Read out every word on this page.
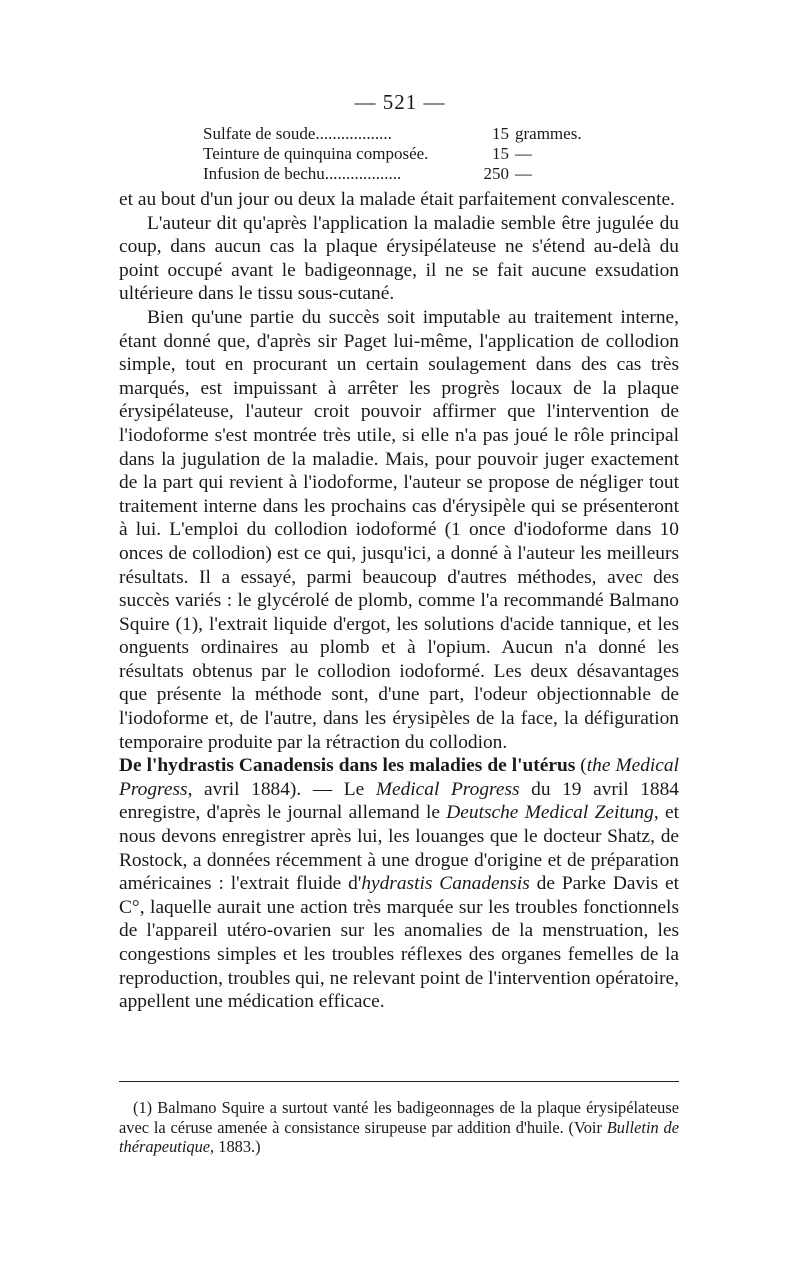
— 521 —
Sulfate de soude..................	15 grammes.
Teinture de quinquina composée.	15 —
Infusion de bechu..................	250 —

et au bout d'un jour ou deux la malade était parfaitement convalescente.

L'auteur dit qu'après l'application la maladie semble être jugulée du coup, dans aucun cas la plaque érysipélateuse ne s'étend au-delà du point occupé avant le badigeonnage, il ne se fait aucune exsudation ultérieure dans le tissu sous-cutané.

Bien qu'une partie du succès soit imputable au traitement interne, étant donné que, d'après sir Paget lui-même, l'application de collodion simple, tout en procurant un certain soulagement dans des cas très marqués, est impuissant à arrêter les progrès locaux de la plaque érysipélateuse, l'auteur croit pouvoir affirmer que l'intervention de l'iodoforme s'est montrée très utile, si elle n'a pas joué le rôle principal dans la jugulation de la maladie. Mais, pour pouvoir juger exactement de la part qui revient à l'iodoforme, l'auteur se propose de négliger tout traitement interne dans les prochains cas d'érysipèle qui se présenteront à lui. L'emploi du collodion iodoformé (1 once d'iodoforme dans 10 onces de collodion) est ce qui, jusqu'ici, a donné à l'auteur les meilleurs résultats. Il a essayé, parmi beaucoup d'autres méthodes, avec des succès variés : le glycérolé de plomb, comme l'a recommandé Balmano Squire (1), l'extrait liquide d'ergot, les solutions d'acide tannique, et les onguents ordinaires au plomb et à l'opium. Aucun n'a donné les résultats obtenus par le collodion iodoformé. Les deux désavantages que présente la méthode sont, d'une part, l'odeur objectionnable de l'iodoforme et, de l'autre, dans les érysipèles de la face, la défiguration temporaire produite par la rétraction du collodion.

De l'hydrastis Canadensis dans les maladies de l'utérus (the Medical Progress, avril 1884). — Le Medical Progress du 19 avril 1884 enregistre, d'après le journal allemand le Deutsche Medical Zeitung, et nous devons enregistrer après lui, les louanges que le docteur Shatz, de Rostock, a données récemment à une drogue d'origine et de préparation américaines : l'extrait fluide d'hydrastis Canadensis de Parke Davis et C°, laquelle aurait une action très marquée sur les troubles fonctionnels de l'appareil utéro-ovarien sur les anomalies de la menstruation, les congestions simples et les troubles réflexes des organes femelles de la reproduction, troubles qui, ne relevant point de l'intervention opératoire, appellent une médication efficace.

(1) Balmano Squire a surtout vanté les badigeonnages de la plaque érysipélateuse avec la céruse amenée à consistance sirupeuse par addition d'huile. (Voir Bulletin de thérapeutique, 1883.)
